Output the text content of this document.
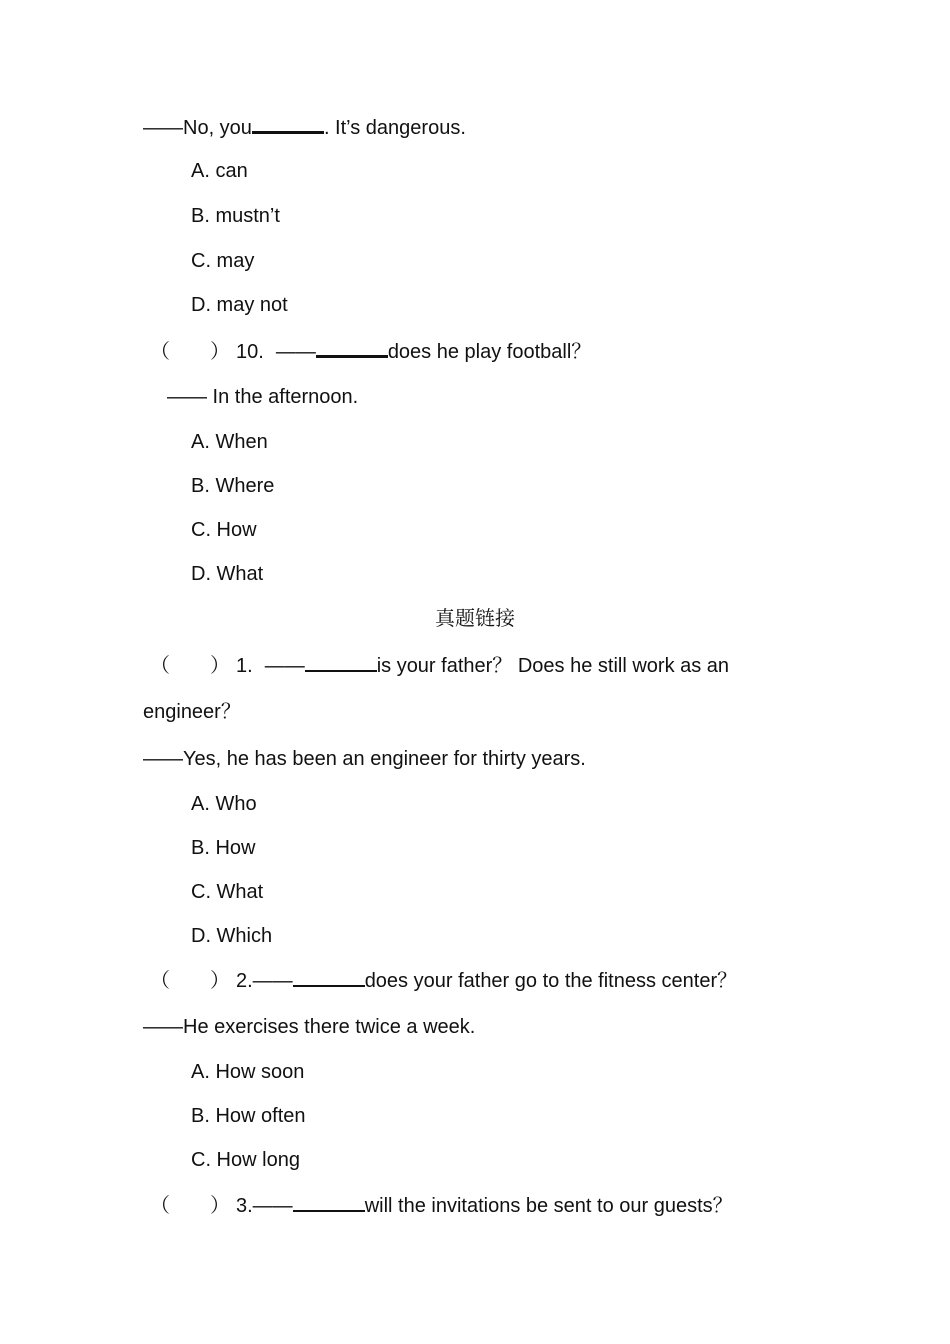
——No, you	. It’s dangerous.
A. can
B. mustn’t
C. may
D. may not
（　　） 10. ——	does he play football？
—— In the afternoon.
A. When
B. Where
C. How
D. What
真题链接
（　　） 1. ——	is your father？ Does he still work as an
engineer？
——Yes, he has been an engineer for thirty years.
A. Who
B. How
C. What
D. Which
（　　） 2.——	does your father go to the fitness center？
——He exercises there twice a week.
A. How soon
B. How often
C. How long
（　　） 3.——	will the invitations be sent to our guests？
